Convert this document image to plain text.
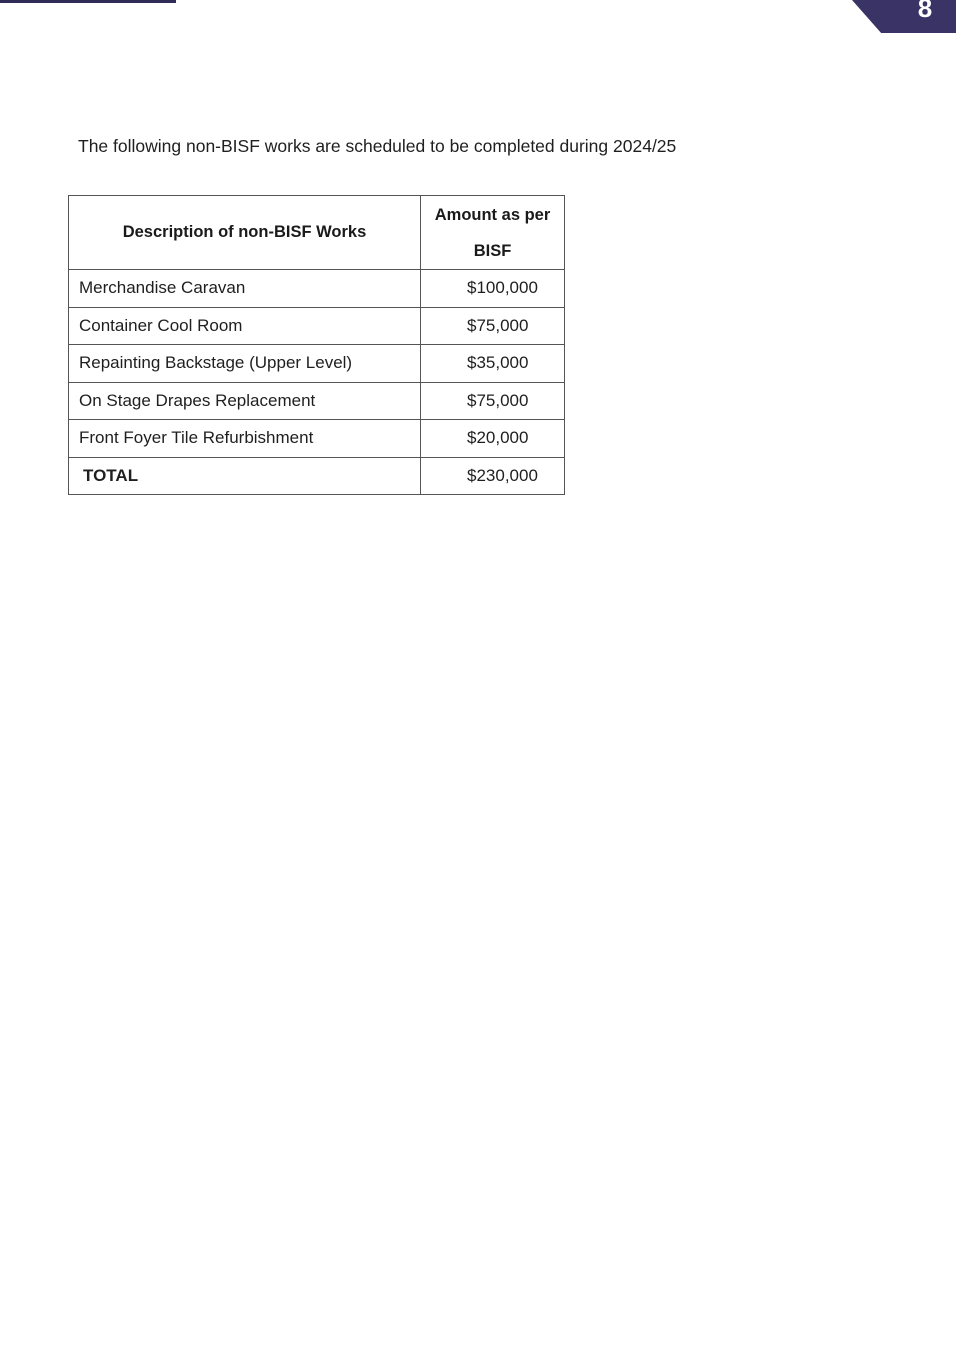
8

The following non-BISF works are scheduled to be completed during 2024/25

Description of non-BISF Works	Amount as per BISF

Merchandise Caravan	$100,000
Container Cool Room	$75,000
Repainting Backstage (Upper Level)	$35,000
On Stage Drapes Replacement	$75,000
Front Foyer Tile Refurbishment	$20,000
TOTAL	$230,000
